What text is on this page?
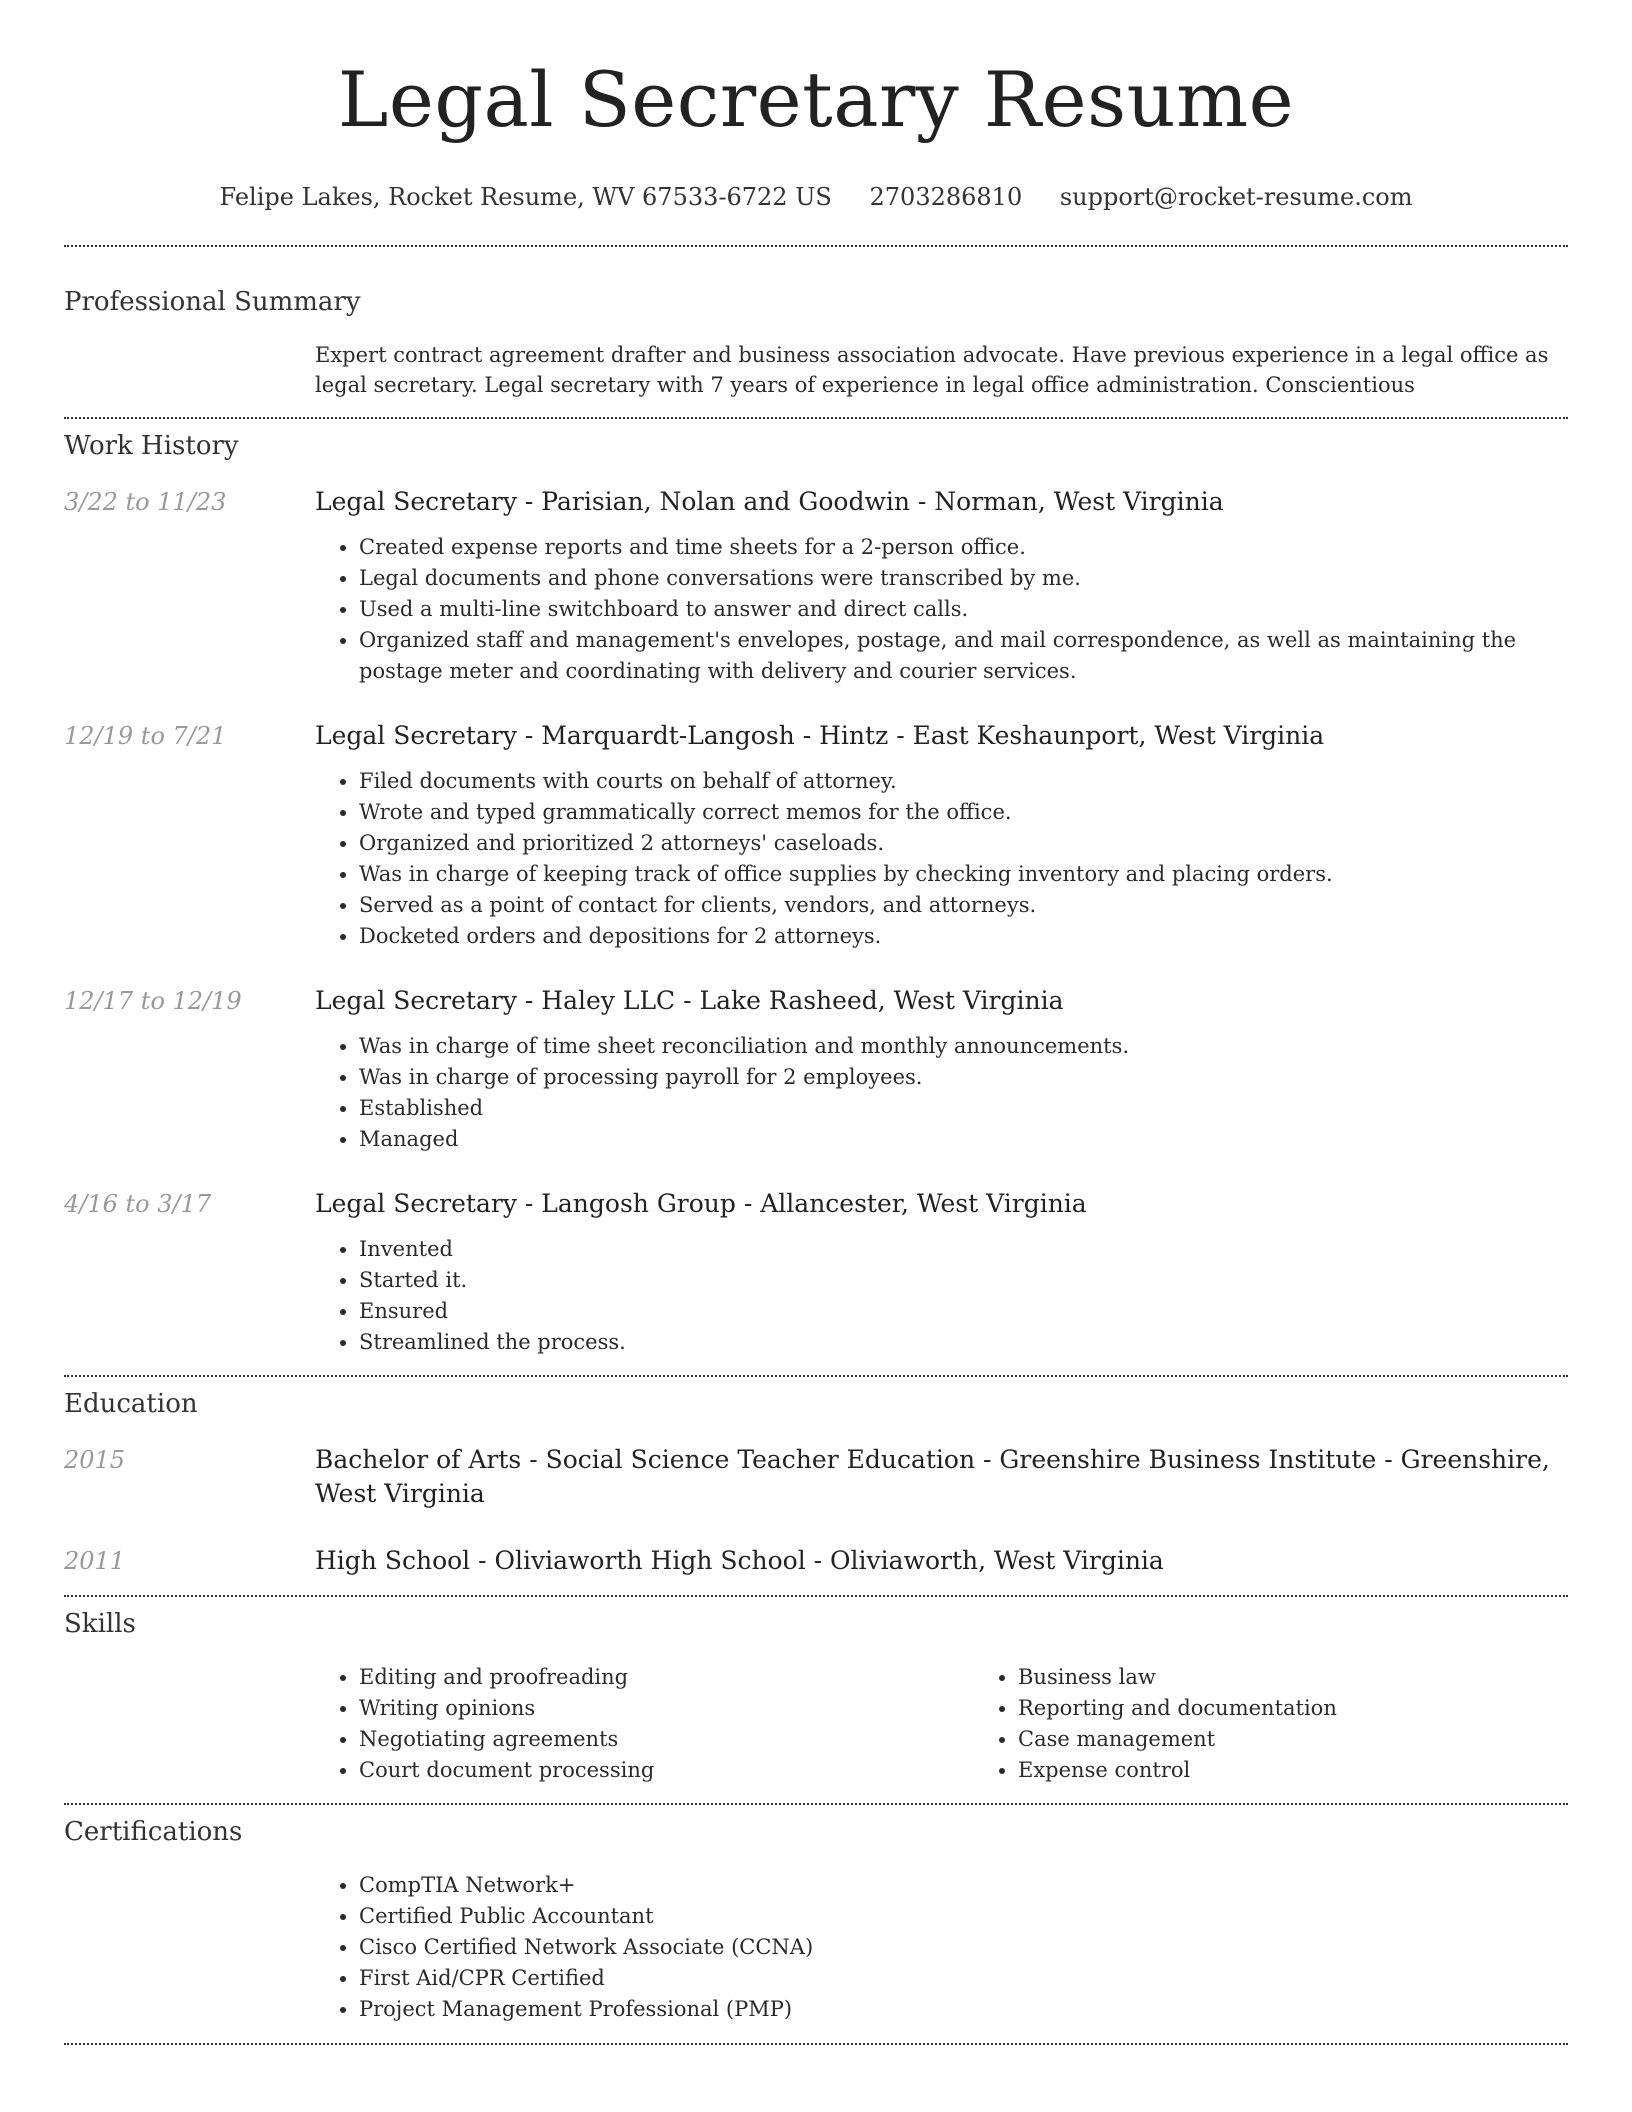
Legal Secretary Resume
Felipe Lakes, Rocket Resume, WV 67533-6722 US 2703286810 support@rocket-resume.com
Professional Summary
Expert contract agreement drafter and business association advocate. Have previous experience in a legal office as legal secretary. Legal secretary with 7 years of experience in legal office administration. Conscientious
Work History
3/22 to 11/23	Legal Secretary - Parisian, Nolan and Goodwin - Norman, West Virginia
• Created expense reports and time sheets for a 2-person office.
• Legal documents and phone conversations were transcribed by me.
• Used a multi-line switchboard to answer and direct calls.
• Organized staff and management's envelopes, postage, and mail correspondence, as well as maintaining the postage meter and coordinating with delivery and courier services.
12/19 to 7/21	Legal Secretary - Marquardt-Langosh - Hintz - East Keshaunport, West Virginia
• Filed documents with courts on behalf of attorney.
• Wrote and typed grammatically correct memos for the office.
• Organized and prioritized 2 attorneys' caseloads.
• Was in charge of keeping track of office supplies by checking inventory and placing orders.
• Served as a point of contact for clients, vendors, and attorneys.
• Docketed orders and depositions for 2 attorneys.
12/17 to 12/19	Legal Secretary - Haley LLC - Lake Rasheed, West Virginia
• Was in charge of time sheet reconciliation and monthly announcements.
• Was in charge of processing payroll for 2 employees.
• Established
• Managed
4/16 to 3/17	Legal Secretary - Langosh Group - Allancester, West Virginia
• Invented
• Started it.
• Ensured
• Streamlined the process.
Education
2015	Bachelor of Arts - Social Science Teacher Education - Greenshire Business Institute - Greenshire, West Virginia
2011	High School - Oliviaworth High School - Oliviaworth, West Virginia
Skills
• Editing and proofreading
• Writing opinions
• Negotiating agreements
• Court document processing
• Business law
• Reporting and documentation
• Case management
• Expense control
Certifications
• CompTIA Network+
• Certified Public Accountant
• Cisco Certified Network Associate (CCNA)
• First Aid/CPR Certified
• Project Management Professional (PMP)
